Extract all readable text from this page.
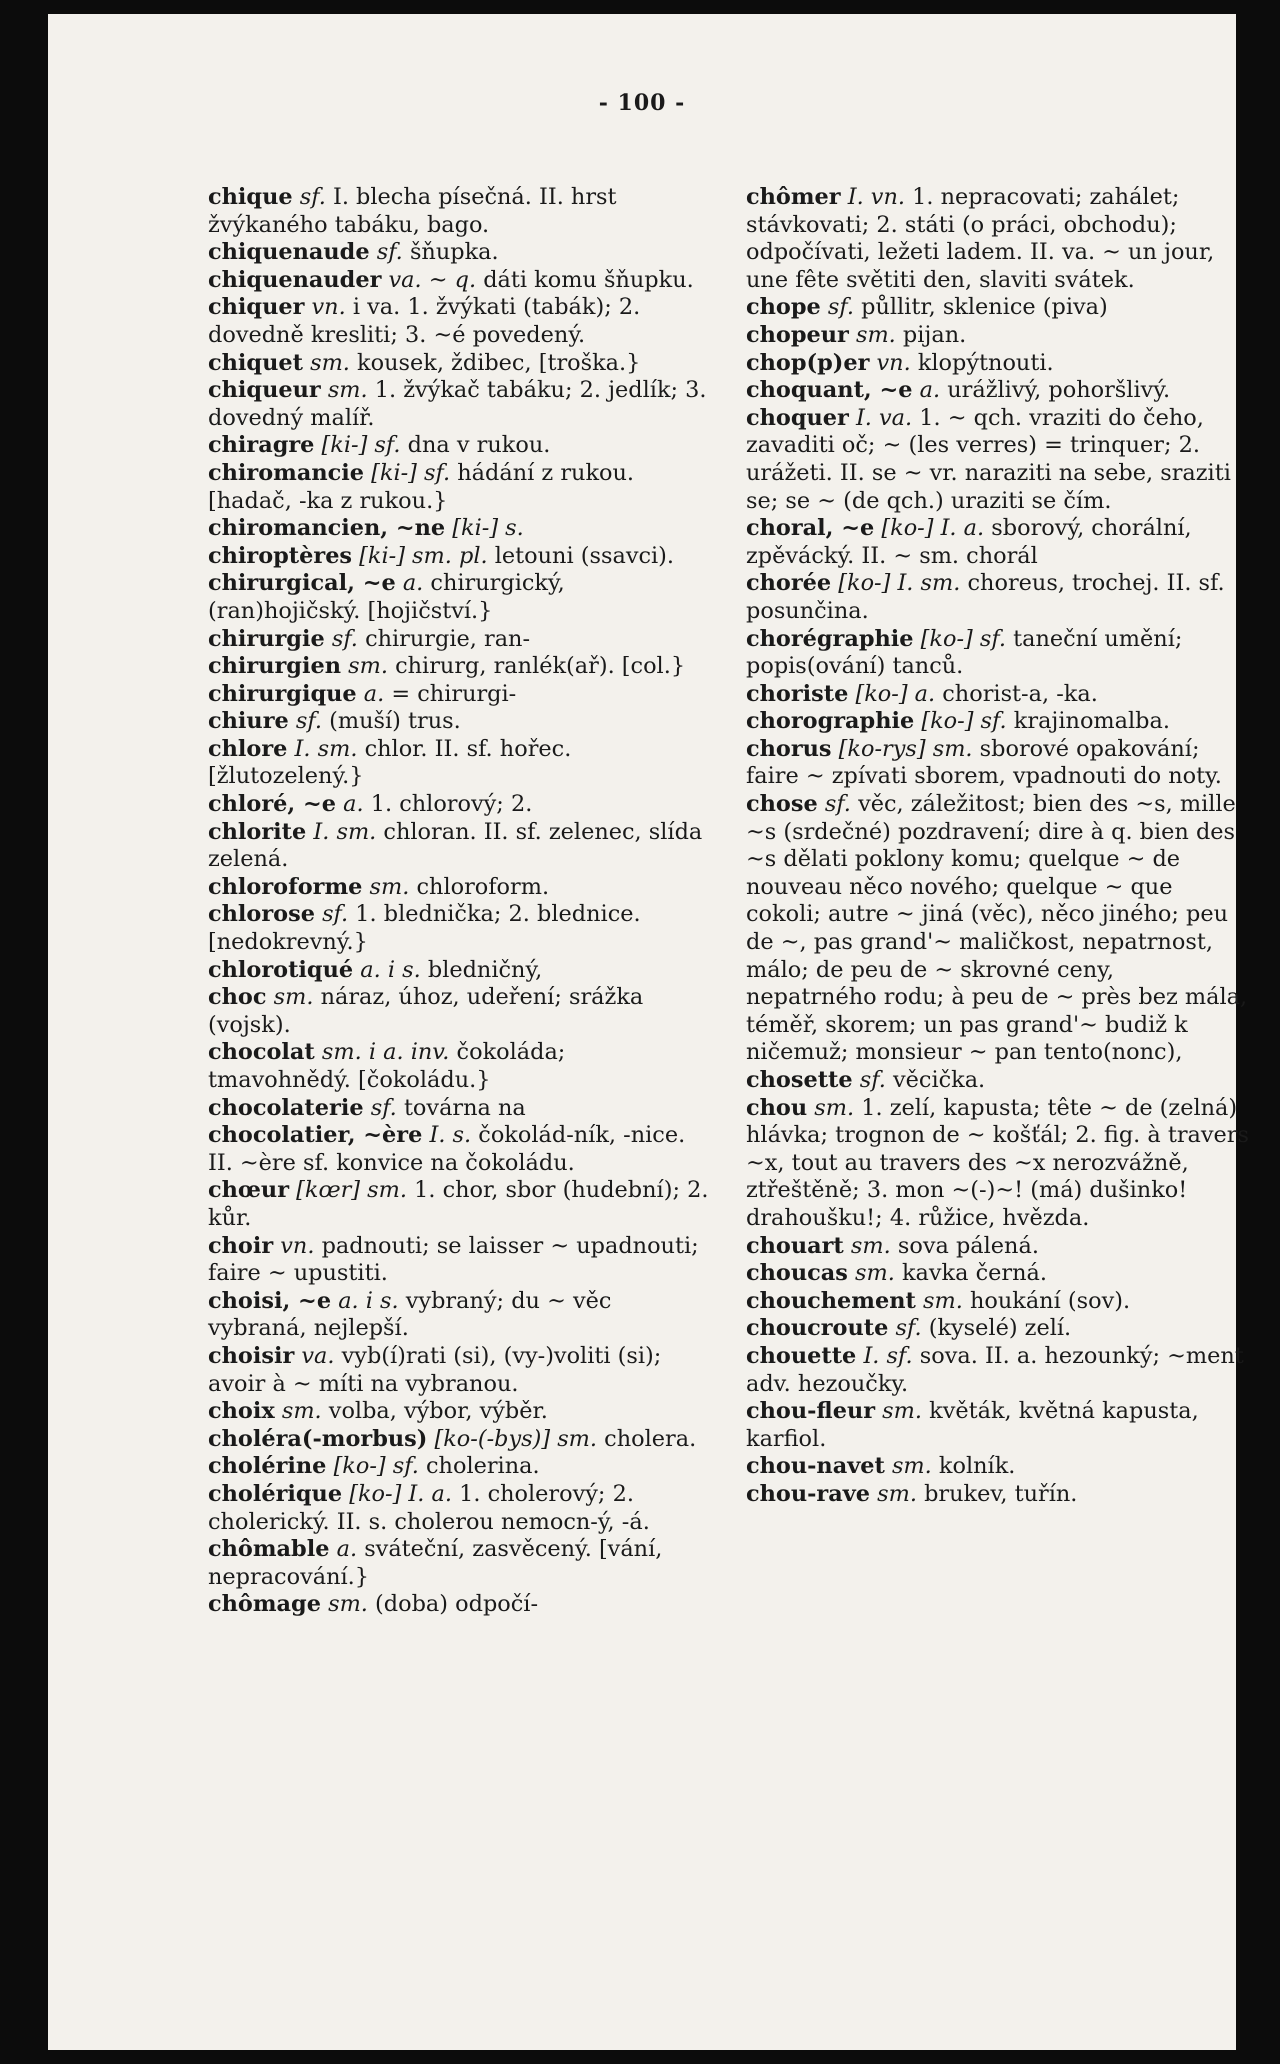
- 100 -

chique sf. I. blecha písečná. II. hrst žvýkaného tabáku, bago.

chiquenaude sf. šňupka.

chiquenauder va. ~ q. dáti komu šňupku.

chiquer vn. i va. 1. žvýkati (tabák); 2. dovedně kresliti; 3. ~é povedený.

chiquet sm. kousek, ždibec, [troška.}

chiqueur sm. 1. žvýkač tabáku; 2. jedlík; 3. dovedný malíř.

chiragre [ki-] sf. dna v rukou.

chiromancie [ki-] sf. hádání z rukou. [hadač, -ka z rukou.}

chiromancien, ~ne [ki-] s.

chiroptères [ki-] sm. pl. letouni (ssavci).

chirurgical, ~e a. chirurgický, (ran)hojičský. [hojičství.}

chirurgie sf. chirurgie, ran-

chirurgien sm. chirurg, ranlék(ař). [col.}

chirurgique a. = chirurgi-

chiure sf. (muší) trus.

chlore I. sm. chlor. II. sf. hořec. [žlutozelený.}

chloré, ~e a. 1. chlorový; 2.

chlorite I. sm. chloran. II. sf. zelenec, slída zelená.

chloroforme sm. chloroform.

chlorose sf. 1. blednička; 2. blednice. [nedokrevný.}

chlorotiqué a. i s. bledničný,

choc sm. náraz, úhoz, udeření; srážka (vojsk).

chocolat sm. i a. inv. čokoláda; tmavohnědý. [čokoládu.}

chocolaterie sf. továrna na

chocolatier, ~ère I. s. čokolád-ník, -nice. II. ~ère sf. konvice na čokoládu.

chœur [kœr] sm. 1. chor, sbor (hudební); 2. kůr.

choir vn. padnouti; se laisser ~ upadnouti; faire ~ upustiti.

choisi, ~e a. i s. vybraný; du ~ věc vybraná, nejlepší.

choisir va. vyb(í)rati (si), (vy-)voliti (si); avoir à ~ míti na vybranou.

choix sm. volba, výbor, výběr.

choléra(-morbus) [ko-(-bys)] sm. cholera.

cholérine [ko-] sf. cholerina.

cholérique [ko-] I. a. 1. cholerový; 2. cholerický. II. s. cholerou nemocn-ý, -á.

chômable a. sváteční, zasvěcený. [vání, nepracování.}

chômage sm. (doba) odpočí-

chômer I. vn. 1. nepracovati; zahálet; stávkovati; 2. státi (o práci, obchodu); odpočívati, ležeti ladem. II. va. ~ un jour, une fête světiti den, slaviti svátek.

chope sf. půllitr, sklenice (piva)

chopeur sm. pijan.

chop(p)er vn. klopýtnouti.

choquant, ~e a. urážlivý, pohoršlivý.

choquer I. va. 1. ~ qch. vraziti do čeho, zavaditi oč; ~ (les verres) = trinquer; 2. urážeti. II. se ~ vr. naraziti na sebe, sraziti se; se ~ (de qch.) uraziti se čím.

choral, ~e [ko-] I. a. sborový, chorální, zpěvácký. II. ~ sm. chorál

chorée [ko-] I. sm. choreus, trochej. II. sf. posunčina.

chorégraphie [ko-] sf. taneční umění; popis(ování) tanců.

choriste [ko-] a. chorist-a, -ka.

chorographie [ko-] sf. krajinomalba.

chorus [ko-rys] sm. sborové opakování; faire ~ zpívati sborem, vpadnouti do noty.

chose sf. věc, záležitost; bien des ~s, mille ~s (srdečné) pozdravení; dire à q. bien des ~s dělati poklony komu; quelque ~ de nouveau něco nového; quelque ~ que cokoli; autre ~ jiná (věc), něco jiného; peu de ~, pas grand'~ maličkost, nepatrnost, málo; de peu de ~ skrovné ceny, nepatrného rodu; à peu de ~ près bez mála, téměř, skorem; un pas grand'~ budiž k ničemuž; monsieur ~ pan tento(nonc),

chosette sf. věcička.

chou sm. 1. zelí, kapusta; tête ~ de (zelná) hlávka; trognon de ~ košťál; 2. fig. à travers ~x, tout au travers des ~x nerozvážně, ztřeštěně; 3. mon ~(-)~! (má) dušinko! drahoušku!; 4. růžice, hvězda.

chouart sm. sova pálená.

choucas sm. kavka černá.

chouchement sm. houkání (sov).

choucroute sf. (kyselé) zelí.

chouette I. sf. sova. II. a. hezounký; ~ment adv. hezoučky.

chou-fleur sm. květák, květná kapusta, karfiol.

chou-navet sm. kolník.

chou-rave sm. brukev, tuřín.
